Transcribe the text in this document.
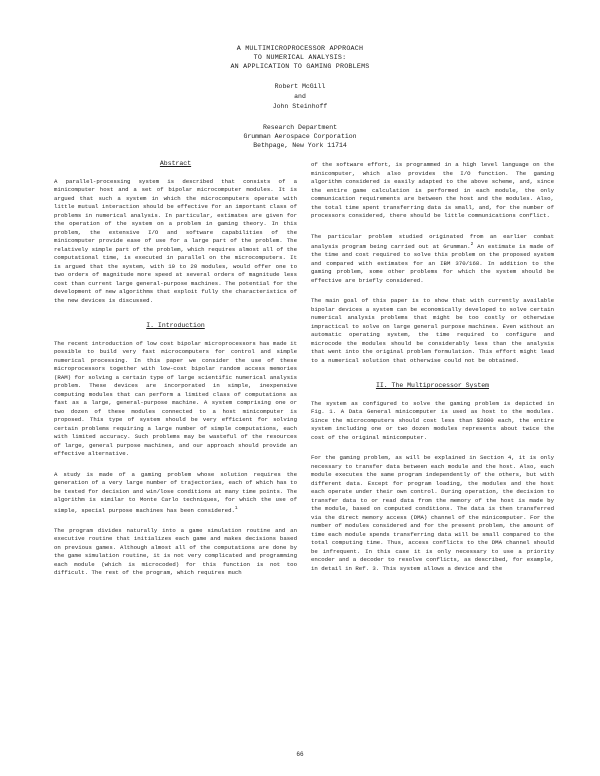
A MULTIMICROPROCESSOR APPROACH
TO NUMERICAL ANALYSIS:
AN APPLICATION TO GAMING PROBLEMS
Robert McGill
and
John Steinhoff
Research Department
Grumman Aerospace Corporation
Bethpage, New York 11714
Abstract

A parallel-processing system is described that consists of a minicomputer host and a set of bipolar microcomputer modules. It is argued that such a system in which the microcomputers operate with little mutual interaction should be effective for an important class of problems in numerical analysis. In particular, estimates are given for the operation of the system on a problem in gaming theory. In this problem, the extensive I/O and software capabilities of the minicomputer provide ease of use for a large part of the problem. The relatively simple part of the problem, which requires almost all of the computational time, is executed in parallel on the microcomputers. It is argued that the system, with 10 to 20 modules, would offer one to two orders of magnitude more speed at several orders of magnitude less cost than current large general-purpose machines. The potential for the development of new algorithms that exploit fully the characteristics of the new devices is discussed.

I. Introduction

The recent introduction of low cost bipolar microprocessors has made it possible to build very fast microcomputers for control and simple numerical processing. In this paper we consider the use of these microprocessors together with low-cost bipolar random access memories (RAM) for solving a certain type of large scientific numerical analysis problem. These devices are incorporated in simple, inexpensive computing modules that can perform a limited class of computations as fast as a large, general-purpose machine. A system comprising one or two dozen of these modules connected to a host minicomputer is proposed. This type of system should be very efficient for solving certain problems requiring a large number of simple computations, each with limited accuracy. Such problems may be wasteful of the resources of large, general purpose machines, and our approach should provide an effective alternative.

A study is made of a gaming problem whose solution requires the generation of a very large number of trajectories, each of which has to be tested for decision and win/lose conditions at many time points. The algorithm is similar to Monte Carlo techniques, for which the use of simple, special purpose machines has been considered.$^1$

The program divides naturally into a game simulation routine and an executive routine that initializes each game and makes decisions based on previous games. Although almost all of the computations are done by the game simulation routine, it is not very complicated and programming each module (which is microcoded) for this function is not too difficult. The rest of the program, which requires much

of the software effort, is programmed in a high level language on the minicomputer, which also provides the I/O function. The gaming algorithm considered is easily adapted to the above scheme, and, since the entire game calculation is performed in each module, the only communication requirements are between the host and the modules. Also, the total time spent transferring data is small, and, for the number of processors considered, there should be little communications conflict.

The particular problem studied originated from an earlier combat analysis program being carried out at Grumman.$^2$ An estimate is made of the time and cost required to solve this problem on the proposed system and compared with estimates for an IBM 370/168. In addition to the gaming problem, some other problems for which the system should be effective are briefly considered.

The main goal of this paper is to show that with currently available bipolar devices a system can be economically developed to solve certain numerical analysis problems that might be too costly or otherwise impractical to solve on large general purpose machines. Even without an automatic operating system, the time required to configure and microcode the modules should be considerably less than the analysis that went into the original problem formulation. This effort might lead to a numerical solution that otherwise could not be obtained.

II. The Multiprocessor System

The system as configured to solve the gaming problem is depicted in Fig. 1. A Data General minicomputer is used as host to the modules. Since the microcomputers should cost less than $2000 each, the entire system including one or two dozen modules represents about twice the cost of the original minicomputer.

For the gaming problem, as will be explained in Section 4, it is only necessary to transfer data between each module and the host. Also, each module executes the same program independently of the others, but with different data. Except for program loading, the modules and the host each operate under their own control. During operation, the decision to transfer data to or read data from the memory of the host is made by the module, based on computed conditions. The data is then transferred via the direct memory access (DMA) channel of the minicomputer. For the number of modules considered and for the present problem, the amount of time each module spends transferring data will be small compared to the total computing time. Thus, access conflicts to the DMA channel should be infrequent. In this case it is only necessary to use a priority encoder and a decoder to resolve conflicts, as described, for example, in detail in Ref. 3. This system allows a device and the

66
